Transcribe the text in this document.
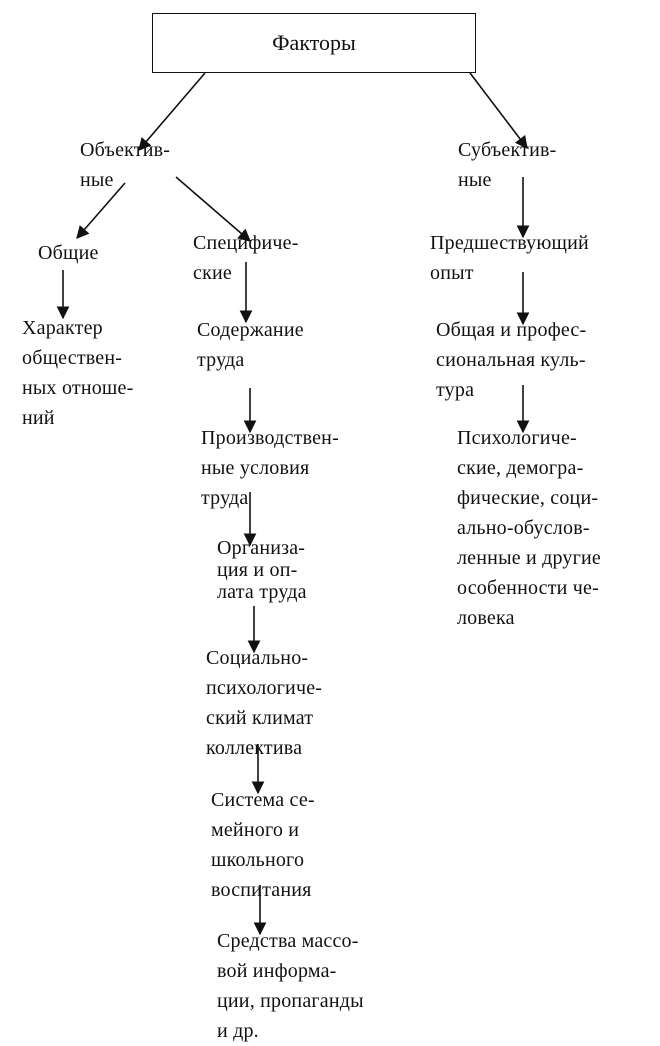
Факторы
Объектив-
ные
Субъектив-
ные
Общие	Специфиче-
ские
Характер
обществен-
ных отноше-
ний
Содержание
труда
Производствен-
ные условия
труда
Организа-
ция и оп-
лата труда
Социально-
психологиче-
ский климат
коллектива
Система се-
мейного и
школьного
воспитания
Средства массо-
вой информа-
ции, пропаганды
и др.
Предшествующий
опыт
Общая и профес-
сиональная куль-
тура
Психологиче-
ские, демогра-
фические, соци-
ально-обуслов-
ленные и другие
особенности че-
ловека
